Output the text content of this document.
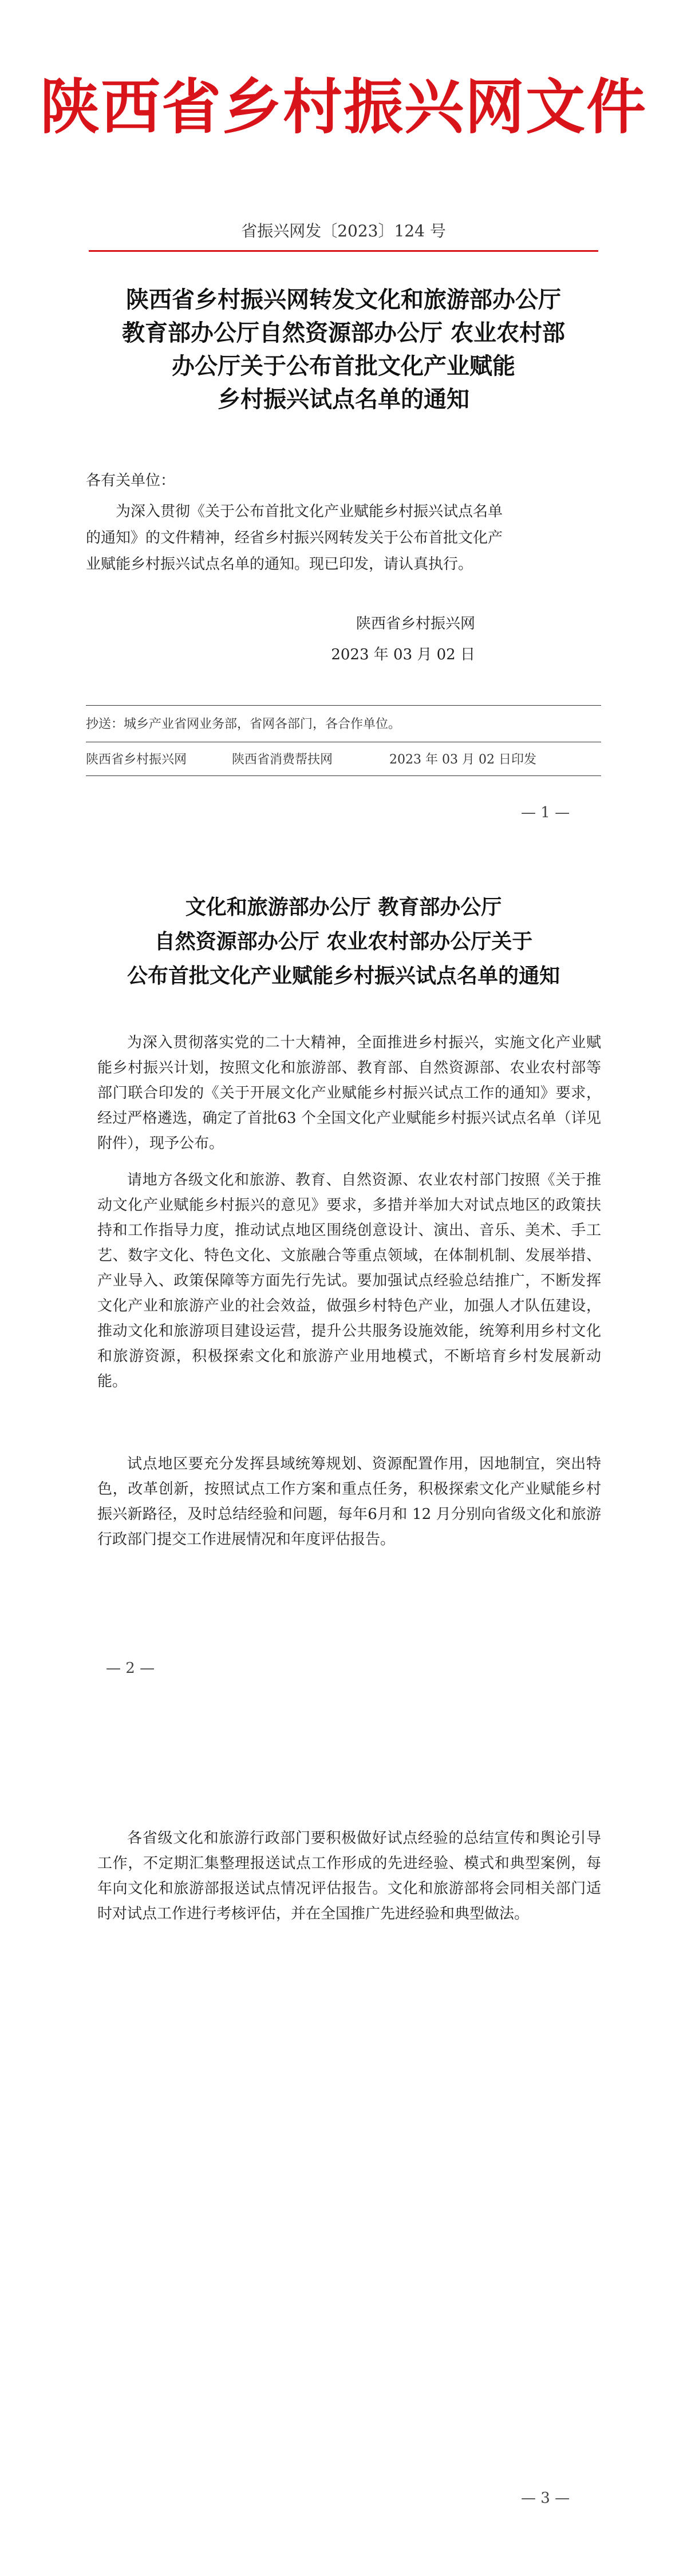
陕西省乡村振兴网文件
省振兴网发〔2023〕124 号
陕西省乡村振兴网转发文化和旅游部办公厅
教育部办公厅自然资源部办公厅 农业农村部
办公厅关于公布首批文化产业赋能
乡村振兴试点名单的通知
各有关单位：
为深入贯彻《关于公布首批文化产业赋能乡村振兴试点名单
的通知》的文件精神，经省乡村振兴网转发关于公布首批文化产
业赋能乡村振兴试点名单的通知。现已印发，请认真执行。
陕西省乡村振兴网
2023 年 03 月 02 日
抄送：城乡产业省网业务部，省网各部门，各合作单位。
陕西省乡村振兴网	陕西省消费帮扶网	2023 年 03 月 02 日印发
— 1 —
文化和旅游部办公厅 教育部办公厅
自然资源部办公厅 农业农村部办公厅关于
公布首批文化产业赋能乡村振兴试点名单的通知
为深入贯彻落实党的二十大精神，全面推进乡村振兴，实施文化产业赋能乡村振兴计划，按照文化和旅游部、教育部、自然资源部、农业农村部等部门联合印发的《关于开展文化产业赋能乡村振兴试点工作的通知》要求，经过严格遴选，确定了首批63 个全国文化产业赋能乡村振兴试点名单（详见附件），现予公布。
请地方各级文化和旅游、教育、自然资源、农业农村部门按照《关于推动文化产业赋能乡村振兴的意见》要求，多措并举加大对试点地区的政策扶持和工作指导力度，推动试点地区围绕创意设计、演出、音乐、美术、手工艺、数字文化、特色文化、文旅融合等重点领域，在体制机制、发展举措、产业导入、政策保障等方面先行先试。要加强试点经验总结推广，不断发挥文化产业和旅游产业的社会效益，做强乡村特色产业，加强人才队伍建设，推动文化和旅游项目建设运营，提升公共服务设施效能，统筹利用乡村文化和旅游资源，积极探索文化和旅游产业用地模式，不断培育乡村发展新动能。
试点地区要充分发挥县域统筹规划、资源配置作用，因地制宜，突出特色，改革创新，按照试点工作方案和重点任务，积极探索文化产业赋能乡村振兴新路径，及时总结经验和问题，每年6月和 12 月分别向省级文化和旅游行政部门提交工作进展情况和年度评估报告。
— 2 —
各省级文化和旅游行政部门要积极做好试点经验的总结宣传和舆论引导工作，不定期汇集整理报送试点工作形成的先进经验、模式和典型案例，每年向文化和旅游部报送试点情况评估报告。文化和旅游部将会同相关部门适时对试点工作进行考核评估，并在全国推广先进经验和典型做法。
— 3 —
